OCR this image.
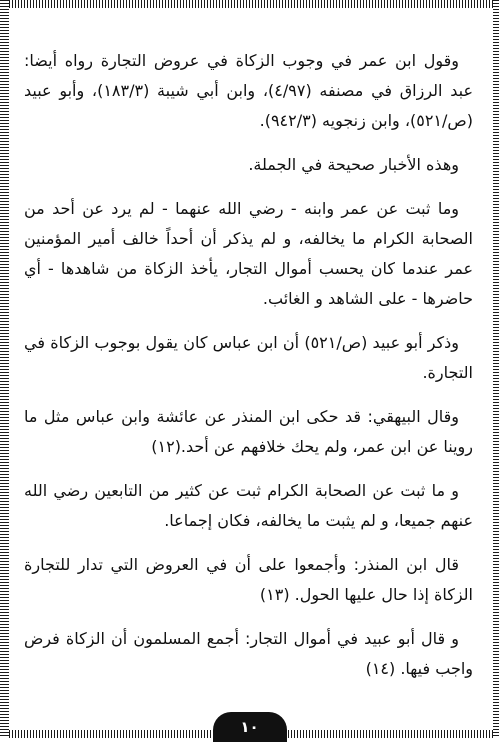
وقول ابن عمر في وجوب الزكاة في عروض التجارة رواه أيضا: عبد الرزاق في مصنفه (٤/٩٧)، وابن أبي شيبة (١٨٣/٣)، وأبو عبيد (ص/٥٢١)، وابن زنجويه (٩٤٢/٣).

وهذه الأخبار صحيحة في الجملة.

وما ثبت عن عمر وابنه - رضي الله عنهما - لم يرد عن أحد من الصحابة الكرام ما يخالفه، و لم يذكر أن أحداً خالف أمير المؤمنين عمر عندما كان يحسب أموال التجار، يأخذ الزكاة من شاهدها - أي حاضرها - على الشاهد و الغائب.

وذكر أبو عبيد (ص/٥٢١) أن ابن عباس كان يقول بوجوب الزكاة في التجارة.

وقال البيهقي: قد حكى ابن المنذر عن عائشة وابن عباس مثل ما روينا عن ابن عمر، ولم يحك خلافهم عن أحد.(١٢)

و ما ثبت عن الصحابة الكرام ثبت عن كثير من التابعين رضي الله عنهم جميعا، و لم يثبت ما يخالفه، فكان إجماعا.

قال ابن المنذر: وأجمعوا على أن في العروض التي تدار للتجارة الزكاة إذا حال عليها الحول. (١٣)

و قال أبو عبيد في أموال التجار: أجمع المسلمون أن الزكاة فرض واجب فيها. (١٤)

١٠
